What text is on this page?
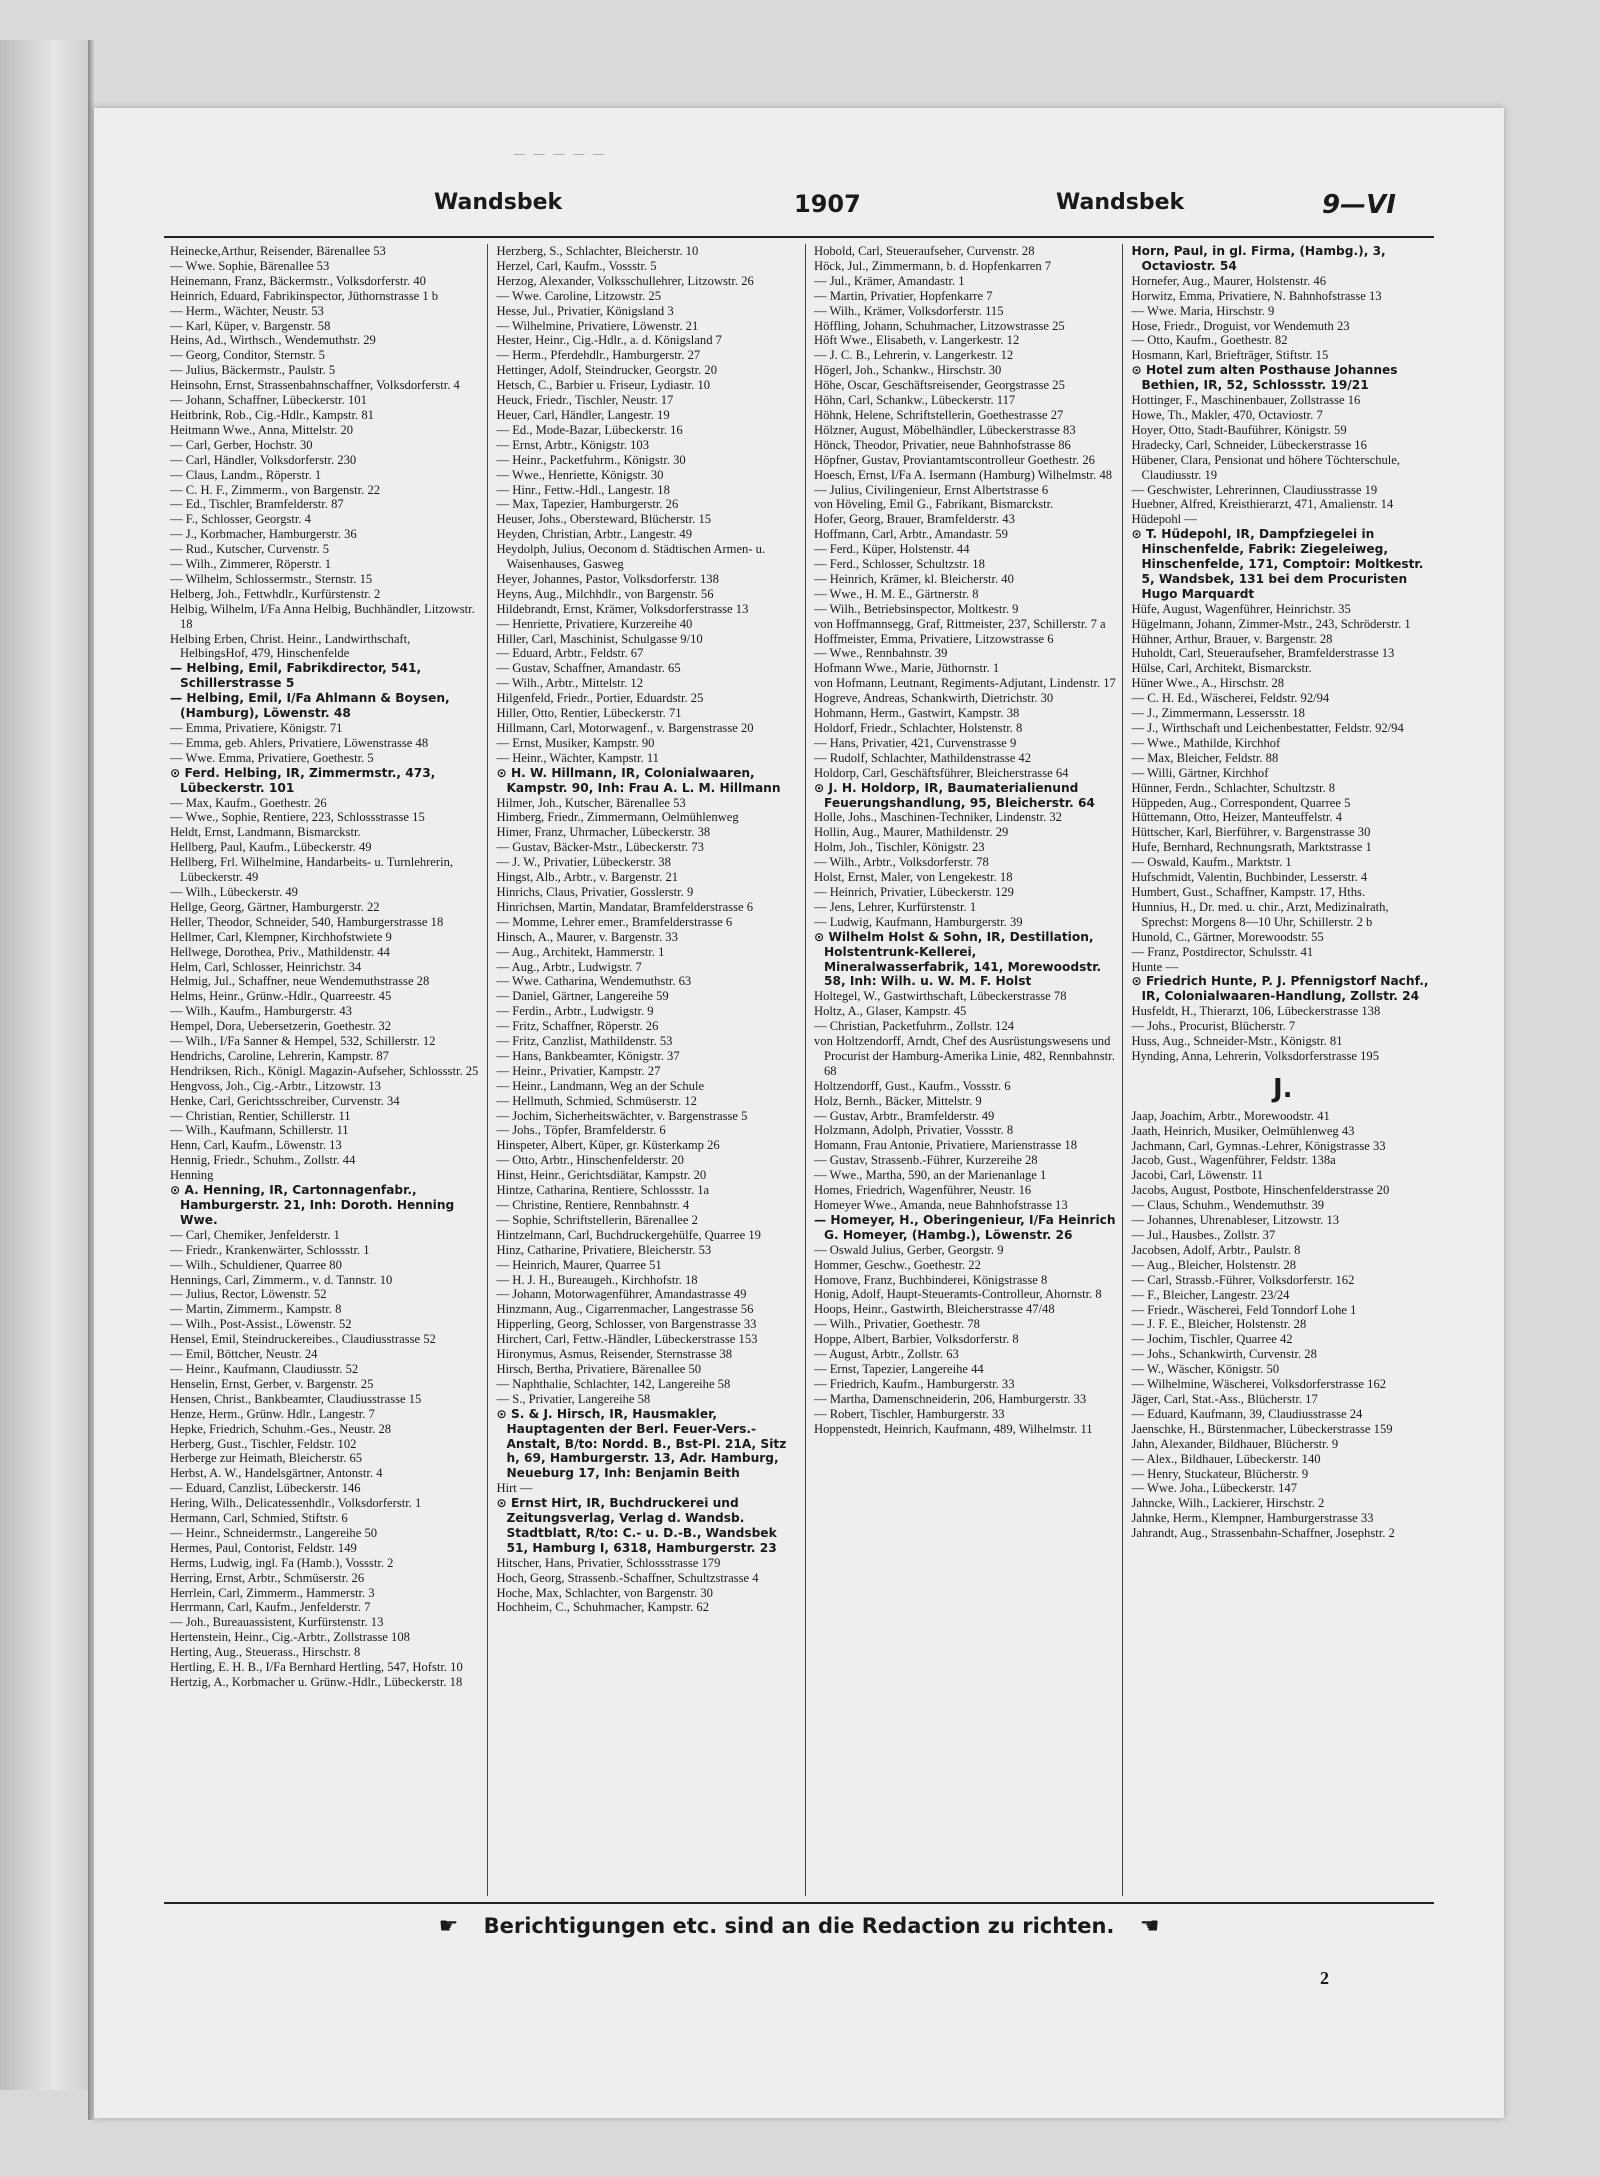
— — — — —
Wandsbek	1907	Wandsbek	9—VI
Heinecke,Arthur, Reisender, Bärenallee 53
— Wwe. Sophie, Bärenallee 53
Heinemann, Franz, Bäckermstr., Volksdorferstr. 40
Heinrich, Eduard, Fabrikinspector, Jüthornstrasse 1 b
— Herm., Wächter, Neustr. 53
— Karl, Küper, v. Bargenstr. 58
Heins, Ad., Wirthsch., Wendemuthstr. 29
— Georg, Conditor, Sternstr. 5
— Julius, Bäckermstr., Paulstr. 5
Heinsohn, Ernst, Strassenbahnschaffner, Volksdorferstr. 4
— Johann, Schaffner, Lübeckerstr. 101
Heitbrink, Rob., Cig.-Hdlr., Kampstr. 81
Heitmann Wwe., Anna, Mittelstr. 20
— Carl, Gerber, Hochstr. 30
— Carl, Händler, Volksdorferstr. 230
— Claus, Landm., Röperstr. 1
— C. H. F., Zimmerm., von Bargenstr. 22
— Ed., Tischler, Bramfelderstr. 87
— F., Schlosser, Georgstr. 4
— J., Korbmacher, Hamburgerstr. 36
— Rud., Kutscher, Curvenstr. 5
— Wilh., Zimmerer, Röperstr. 1
— Wilhelm, Schlossermstr., Sternstr. 15
Helberg, Joh., Fettwhdlr., Kurfürstenstr. 2
Helbig, Wilhelm, I/Fa Anna Helbig, Buchhändler, Litzowstr. 18
Helbing Erben, Christ. Heinr., Landwirthschaft, HelbingsHof, 479, Hinschenfelde
— Helbing, Emil, Fabrikdirector, 541, Schillerstrasse 5
— Helbing, Emil, I/Fa Ahlmann & Boysen, (Hamburg), Löwenstr. 48
— Emma, Privatiere, Königstr. 71
— Emma, geb. Ahlers, Privatiere, Löwenstrasse 48
— Wwe. Emma, Privatiere, Goethestr. 5
⊙ Ferd. Helbing, IR, Zimmermstr., 473, Lübeckerstr. 101
— Max, Kaufm., Goethestr. 26
— Wwe., Sophie, Rentiere, 223, Schlossstrasse 15
Heldt, Ernst, Landmann, Bismarckstr.
Hellberg, Paul, Kaufm., Lübeckerstr. 49
Hellberg, Frl. Wilhelmine, Handarbeits- u. Turnlehrerin, Lübeckerstr. 49
— Wilh., Lübeckerstr. 49
Hellge, Georg, Gärtner, Hamburgerstr. 22
Heller, Theodor, Schneider, 540, Hamburgerstrasse 18
Hellmer, Carl, Klempner, Kirchhofstwiete 9
Hellwege, Dorothea, Priv., Mathildenstr. 44
Helm, Carl, Schlosser, Heinrichstr. 34
Helmig, Jul., Schaffner, neue Wendemuthstrasse 28
Helms, Heinr., Grünw.-Hdlr., Quarreestr. 45
— Wilh., Kaufm., Hamburgerstr. 43
Hempel, Dora, Uebersetzerin, Goethestr. 32
— Wilh., I/Fa Sanner & Hempel, 532, Schillerstr. 12
Hendrichs, Caroline, Lehrerin, Kampstr. 87
Hendriksen, Rich., Königl. Magazin-Aufseher, Schlossstr. 25
Hengvoss, Joh., Cig.-Arbtr., Litzowstr. 13
Henke, Carl, Gerichtsschreiber, Curvenstr. 34
— Christian, Rentier, Schillerstr. 11
— Wilh., Kaufmann, Schillerstr. 11
Henn, Carl, Kaufm., Löwenstr. 13
Hennig, Friedr., Schuhm., Zollstr. 44
Henning
⊙ A. Henning, IR, Cartonnagenfabr., Hamburgerstr. 21, Inh: Doroth. Henning Wwe.
— Carl, Chemiker, Jenfelderstr. 1
— Friedr., Krankenwärter, Schlossstr. 1
— Wilh., Schuldiener, Quarree 80
Hennings, Carl, Zimmerm., v. d. Tannstr. 10
— Julius, Rector, Löwenstr. 52
— Martin, Zimmerm., Kampstr. 8
— Wilh., Post-Assist., Löwenstr. 52
Hensel, Emil, Steindruckereibes., Claudiusstrasse 52
— Emil, Böttcher, Neustr. 24
— Heinr., Kaufmann, Claudiusstr. 52
Henselin, Ernst, Gerber, v. Bargenstr. 25
Hensen, Christ., Bankbeamter, Claudiusstrasse 15
Henze, Herm., Grünw. Hdlr., Langestr. 7
Hepke, Friedrich, Schuhm.-Ges., Neustr. 28
Herberg, Gust., Tischler, Feldstr. 102
Herberge zur Heimath, Bleicherstr. 65
Herbst, A. W., Handelsgärtner, Antonstr. 4
— Eduard, Canzlist, Lübeckerstr. 146
Hering, Wilh., Delicatessenhdlr., Volksdorferstr. 1
Hermann, Carl, Schmied, Stiftstr. 6
— Heinr., Schneidermstr., Langereihe 50
Hermes, Paul, Contorist, Feldstr. 149
Herms, Ludwig, ingl. Fa (Hamb.), Vossstr. 2
Herring, Ernst, Arbtr., Schmüserstr. 26
Herrlein, Carl, Zimmerm., Hammerstr. 3
Herrmann, Carl, Kaufm., Jenfelderstr. 7
— Joh., Bureauassistent, Kurfürstenstr. 13
Hertenstein, Heinr., Cig.-Arbtr., Zollstrasse 108
Herting, Aug., Steuerass., Hirschstr. 8
Hertling, E. H. B., I/Fa Bernhard Hertling, 547, Hofstr. 10
Hertzig, A., Korbmacher u. Grünw.-Hdlr., Lübeckerstr. 18
Herzberg, S., Schlachter, Bleicherstr. 10
Herzel, Carl, Kaufm., Vossstr. 5
Herzog, Alexander, Volksschullehrer, Litzowstr. 26
— Wwe. Caroline, Litzowstr. 25
Hesse, Jul., Privatier, Königsland 3
— Wilhelmine, Privatiere, Löwenstr. 21
Hester, Heinr., Cig.-Hdlr., a. d. Königsland 7
— Herm., Pferdehdlr., Hamburgerstr. 27
Hettinger, Adolf, Steindrucker, Georgstr. 20
Hetsch, C., Barbier u. Friseur, Lydiastr. 10
Heuck, Friedr., Tischler, Neustr. 17
Heuer, Carl, Händler, Langestr. 19
— Ed., Mode-Bazar, Lübeckerstr. 16
— Ernst, Arbtr., Königstr. 103
— Heinr., Packetfuhrm., Königstr. 30
— Wwe., Henriette, Königstr. 30
— Hinr., Fettw.-Hdl., Langestr. 18
— Max, Tapezier, Hamburgerstr. 26
Heuser, Johs., Obersteward, Blücherstr. 15
Heyden, Christian, Arbtr., Langestr. 49
Heydolph, Julius, Oeconom d. Städtischen Armen- u. Waisenhauses, Gasweg
Heyer, Johannes, Pastor, Volksdorferstr. 138
Heyns, Aug., Milchhdlr., von Bargenstr. 56
Hildebrandt, Ernst, Krämer, Volksdorferstrasse 13
— Henriette, Privatiere, Kurzereihe 40
Hiller, Carl, Maschinist, Schulgasse 9/10
— Eduard, Arbtr., Feldstr. 67
— Gustav, Schaffner, Amandastr. 65
— Wilh., Arbtr., Mittelstr. 12
Hilgenfeld, Friedr., Portier, Eduardstr. 25
Hiller, Otto, Rentier, Lübeckerstr. 71
Hillmann, Carl, Motorwagenf., v. Bargenstrasse 20
— Ernst, Musiker, Kampstr. 90
— Heinr., Wächter, Kampstr. 11
⊙ H. W. Hillmann, IR, Colonialwaaren, Kampstr. 90, Inh: Frau A. L. M. Hillmann
Hilmer, Joh., Kutscher, Bärenallee 53
Himberg, Friedr., Zimmermann, Oelmühlenweg
Himer, Franz, Uhrmacher, Lübeckerstr. 38
— Gustav, Bäcker-Mstr., Lübeckerstr. 73
— J. W., Privatier, Lübeckerstr. 38
Hingst, Alb., Arbtr., v. Bargenstr. 21
Hinrichs, Claus, Privatier, Gosslerstr. 9
Hinrichsen, Martin, Mandatar, Bramfelderstrasse 6
— Momme, Lehrer emer., Bramfelderstrasse 6
Hinsch, A., Maurer, v. Bargenstr. 33
— Aug., Architekt, Hammerstr. 1
— Aug., Arbtr., Ludwigstr. 7
— Wwe. Catharina, Wendemuthstr. 63
— Daniel, Gärtner, Langereihe 59
— Ferdin., Arbtr., Ludwigstr. 9
— Fritz, Schaffner, Röperstr. 26
— Fritz, Canzlist, Mathildenstr. 53
— Hans, Bankbeamter, Königstr. 37
— Heinr., Privatier, Kampstr. 27
— Heinr., Landmann, Weg an der Schule
— Hellmuth, Schmied, Schmüserstr. 12
— Jochim, Sicherheitswächter, v. Bargenstrasse 5
— Johs., Töpfer, Bramfelderstr. 6
Hinspeter, Albert, Küper, gr. Küsterkamp 26
— Otto, Arbtr., Hinschenfelderstr. 20
Hinst, Heinr., Gerichtsdiätar, Kampstr. 20
Hintze, Catharina, Rentiere, Schlossstr. 1a
— Christine, Rentiere, Rennbahnstr. 4
— Sophie, Schriftstellerin, Bärenallee 2
Hintzelmann, Carl, Buchdruckergehülfe, Quarree 19
Hinz, Catharine, Privatiere, Bleicherstr. 53
— Heinrich, Maurer, Quarree 51
— H. J. H., Bureaugeh., Kirchhofstr. 18
— Johann, Motorwagenführer, Amandastrasse 49
Hinzmann, Aug., Cigarrenmacher, Langestrasse 56
Hipperling, Georg, Schlosser, von Bargenstrasse 33
Hirchert, Carl, Fettw.-Händler, Lübeckerstrasse 153
Hironymus, Asmus, Reisender, Sternstrasse 38
Hirsch, Bertha, Privatiere, Bärenallee 50
— Naphthalie, Schlachter, 142, Langereihe 58
— S., Privatier, Langereihe 58
⊙ S. & J. Hirsch, IR, Hausmakler, Hauptagenten der Berl. Feuer-Vers.-Anstalt, B/to: Nordd. B., Bst-Pl. 21A, Sitz h, 69, Hamburgerstr. 13, Adr. Hamburg, Neueburg 17, Inh: Benjamin Beith
Hirt —
⊙ Ernst Hirt, IR, Buchdruckerei und Zeitungsverlag, Verlag d. Wandsb. Stadtblatt, R/to: C.- u. D.-B., Wandsbek 51, Hamburg I, 6318, Hamburgerstr. 23
Hitscher, Hans, Privatier, Schlossstrasse 179
Hoch, Georg, Strassenb.-Schaffner, Schultzstrasse 4
Hoche, Max, Schlachter, von Bargenstr. 30
Hochheim, C., Schuhmacher, Kampstr. 62
Hobold, Carl, Steueraufseher, Curvenstr. 28
Höck, Jul., Zimmermann, b. d. Hopfenkarren 7
— Jul., Krämer, Amandastr. 1
— Martin, Privatier, Hopfenkarre 7
— Wilh., Krämer, Volksdorferstr. 115
Höffling, Johann, Schuhmacher, Litzowstrasse 25
Höft Wwe., Elisabeth, v. Langerkestr. 12
— J. C. B., Lehrerin, v. Langerkestr. 12
Högerl, Joh., Schankw., Hirschstr. 30
Höhe, Oscar, Geschäftsreisender, Georgstrasse 25
Höhn, Carl, Schankw., Lübeckerstr. 117
Höhnk, Helene, Schriftstellerin, Goethestrasse 27
Hölzner, August, Möbelhändler, Lübeckerstrasse 83
Hönck, Theodor, Privatier, neue Bahnhofstrasse 86
Höpfner, Gustav, Proviantamtscontrolleur Goethestr. 26
Hoesch, Ernst, I/Fa A. Isermann (Hamburg) Wilhelmstr. 48
— Julius, Civilingenieur, Ernst Albertstrasse 6
von Höveling, Emil G., Fabrikant, Bismarckstr.
Hofer, Georg, Brauer, Bramfelderstr. 43
Hoffmann, Carl, Arbtr., Amandastr. 59
— Ferd., Küper, Holstenstr. 44
— Ferd., Schlosser, Schultzstr. 18
— Heinrich, Krämer, kl. Bleicherstr. 40
— Wwe., H. M. E., Gärtnerstr. 8
— Wilh., Betriebsinspector, Moltkestr. 9
von Hoffmannsegg, Graf, Rittmeister, 237, Schillerstr. 7 a
Hoffmeister, Emma, Privatiere, Litzowstrasse 6
— Wwe., Rennbahnstr. 39
Hofmann Wwe., Marie, Jüthornstr. 1
von Hofmann, Leutnant, Regiments-Adjutant, Lindenstr. 17
Hogreve, Andreas, Schankwirth, Dietrichstr. 30
Hohmann, Herm., Gastwirt, Kampstr. 38
Holdorf, Friedr., Schlachter, Holstenstr. 8
— Hans, Privatier, 421, Curvenstrasse 9
— Rudolf, Schlachter, Mathildenstrasse 42
Holdorp, Carl, Geschäftsführer, Bleicherstrasse 64
⊙ J. H. Holdorp, IR, Baumaterialienund Feuerungshandlung, 95, Bleicherstr. 64
Holle, Johs., Maschinen-Techniker, Lindenstr. 32
Hollin, Aug., Maurer, Mathildenstr. 29
Holm, Joh., Tischler, Königstr. 23
— Wilh., Arbtr., Volksdorferstr. 78
Holst, Ernst, Maler, von Lengekestr. 18
— Heinrich, Privatier, Lübeckerstr. 129
— Jens, Lehrer, Kurfürstenstr. 1
— Ludwig, Kaufmann, Hamburgerstr. 39
⊙ Wilhelm Holst & Sohn, IR, Destillation, Holstentrunk-Kellerei, Mineralwasserfabrik, 141, Morewoodstr. 58, Inh: Wilh. u. W. M. F. Holst
Holtegel, W., Gastwirthschaft, Lübeckerstrasse 78
Holtz, A., Glaser, Kampstr. 45
— Christian, Packetfuhrm., Zollstr. 124
von Holtzendorff, Arndt, Chef des Ausrüstungswesens und Procurist der Hamburg-Amerika Linie, 482, Rennbahnstr. 68
Holtzendorff, Gust., Kaufm., Vossstr. 6
Holz, Bernh., Bäcker, Mittelstr. 9
— Gustav, Arbtr., Bramfelderstr. 49
Holzmann, Adolph, Privatier, Vossstr. 8
Homann, Frau Antonie, Privatiere, Marienstrasse 18
— Gustav, Strassenb.-Führer, Kurzereihe 28
— Wwe., Martha, 590, an der Marienanlage 1
Homes, Friedrich, Wagenführer, Neustr. 16
Homeyer Wwe., Amanda, neue Bahnhofstrasse 13
— Homeyer, H., Oberingenieur, I/Fa Heinrich G. Homeyer, (Hambg.), Löwenstr. 26
— Oswald Julius, Gerber, Georgstr. 9
Hommer, Geschw., Goethestr. 22
Homove, Franz, Buchbinderei, Königstrasse 8
Honig, Adolf, Haupt-Steueramts-Controlleur, Ahornstr. 8
Hoops, Heinr., Gastwirth, Bleicherstrasse 47/48
— Wilh., Privatier, Goethestr. 78
Hoppe, Albert, Barbier, Volksdorferstr. 8
— August, Arbtr., Zollstr. 63
— Ernst, Tapezier, Langereihe 44
— Friedrich, Kaufm., Hamburgerstr. 33
— Martha, Damenschneiderin, 206, Hamburgerstr. 33
— Robert, Tischler, Hamburgerstr. 33
Hoppenstedt, Heinrich, Kaufmann, 489, Wilhelmstr. 11
Horn, Paul, in gl. Firma, (Hambg.), 3, Octaviostr. 54
Hornefer, Aug., Maurer, Holstenstr. 46
Horwitz, Emma, Privatiere, N. Bahnhofstrasse 13
— Wwe. Maria, Hirschstr. 9
Hose, Friedr., Droguist, vor Wendemuth 23
— Otto, Kaufm., Goethestr. 82
Hosmann, Karl, Briefträger, Stiftstr. 15
⊙ Hotel zum alten Posthause Johannes Bethien, IR, 52, Schlossstr. 19/21
Hottinger, F., Maschinenbauer, Zollstrasse 16
Howe, Th., Makler, 470, Octaviostr. 7
Hoyer, Otto, Stadt-Bauführer, Königstr. 59
Hradecky, Carl, Schneider, Lübeckerstrasse 16
Hübener, Clara, Pensionat und höhere Töchterschule, Claudiusstr. 19
— Geschwister, Lehrerinnen, Claudiusstrasse 19
Huebner, Alfred, Kreisthierarzt, 471, Amalienstr. 14
Hüdepohl —
⊙ T. Hüdepohl, IR, Dampfziegelei in Hinschenfelde, Fabrik: Ziegeleiweg, Hinschenfelde, 171, Comptoir: Moltkestr. 5, Wandsbek, 131 bei dem Procuristen Hugo Marquardt
Hüfe, August, Wagenführer, Heinrichstr. 35
Hügelmann, Johann, Zimmer-Mstr., 243, Schröderstr. 1
Hühner, Arthur, Brauer, v. Bargenstr. 28
Huholdt, Carl, Steueraufseher, Bramfelderstrasse 13
Hülse, Carl, Architekt, Bismarckstr.
Hüner Wwe., A., Hirschstr. 28
— C. H. Ed., Wäscherei, Feldstr. 92/94
— J., Zimmermann, Lessersstr. 18
— J., Wirthschaft und Leichenbestatter, Feldstr. 92/94
— Wwe., Mathilde, Kirchhof
— Max, Bleicher, Feldstr. 88
— Willi, Gärtner, Kirchhof
Hünner, Ferdn., Schlachter, Schultzstr. 8
Hüppeden, Aug., Correspondent, Quarree 5
Hüttemann, Otto, Heizer, Manteuffelstr. 4
Hüttscher, Karl, Bierführer, v. Bargenstrasse 30
Hufe, Bernhard, Rechnungsrath, Marktstrasse 1
— Oswald, Kaufm., Marktstr. 1
Hufschmidt, Valentin, Buchbinder, Lesserstr. 4
Humbert, Gust., Schaffner, Kampstr. 17, Hths.
Hunnius, H., Dr. med. u. chir., Arzt, Medizinalrath, Sprechst: Morgens 8—10 Uhr, Schillerstr. 2 b
Hunold, C., Gärtner, Morewoodstr. 55
— Franz, Postdirector, Schulsstr. 41
Hunte —
⊙ Friedrich Hunte, P. J. Pfennigstorf Nachf., IR, Colonialwaaren-Handlung, Zollstr. 24
Husfeldt, H., Thierarzt, 106, Lübeckerstrasse 138
— Johs., Procurist, Blücherstr. 7
Huss, Aug., Schneider-Mstr., Königstr. 81
Hynding, Anna, Lehrerin, Volksdorferstrasse 195
J.
Jaap, Joachim, Arbtr., Morewoodstr. 41
Jaath, Heinrich, Musiker, Oelmühlenweg 43
Jachmann, Carl, Gymnas.-Lehrer, Königstrasse 33
Jacob, Gust., Wagenführer, Feldstr. 138a
Jacobi, Carl, Löwenstr. 11
Jacobs, August, Postbote, Hinschenfelderstrasse 20
— Claus, Schuhm., Wendemuthstr. 39
— Johannes, Uhrenableser, Litzowstr. 13
— Jul., Hausbes., Zollstr. 37
Jacobsen, Adolf, Arbtr., Paulstr. 8
— Aug., Bleicher, Holstenstr. 28
— Carl, Strassb.-Führer, Volksdorferstr. 162
— F., Bleicher, Langestr. 23/24
— Friedr., Wäscherei, Feld Tonndorf Lohe 1
— J. F. E., Bleicher, Holstenstr. 28
— Jochim, Tischler, Quarree 42
— Johs., Schankwirth, Curvenstr. 28
— W., Wäscher, Königstr. 50
— Wilhelmine, Wäscherei, Volksdorferstrasse 162
Jäger, Carl, Stat.-Ass., Blücherstr. 17
— Eduard, Kaufmann, 39, Claudiusstrasse 24
Jaenschke, H., Bürstenmacher, Lübeckerstrasse 159
Jahn, Alexander, Bildhauer, Blücherstr. 9
— Alex., Bildhauer, Lübeckerstr. 140
— Henry, Stuckateur, Blücherstr. 9
— Wwe. Joha., Lübeckerstr. 147
Jahncke, Wilh., Lackierer, Hirschstr. 2
Jahnke, Herm., Klempner, Hamburgerstrasse 33
Jahrandt, Aug., Strassenbahn-Schaffner, Josephstr. 2
☛ Berichtigungen etc. sind an die Redaction zu richten. ☚
2
